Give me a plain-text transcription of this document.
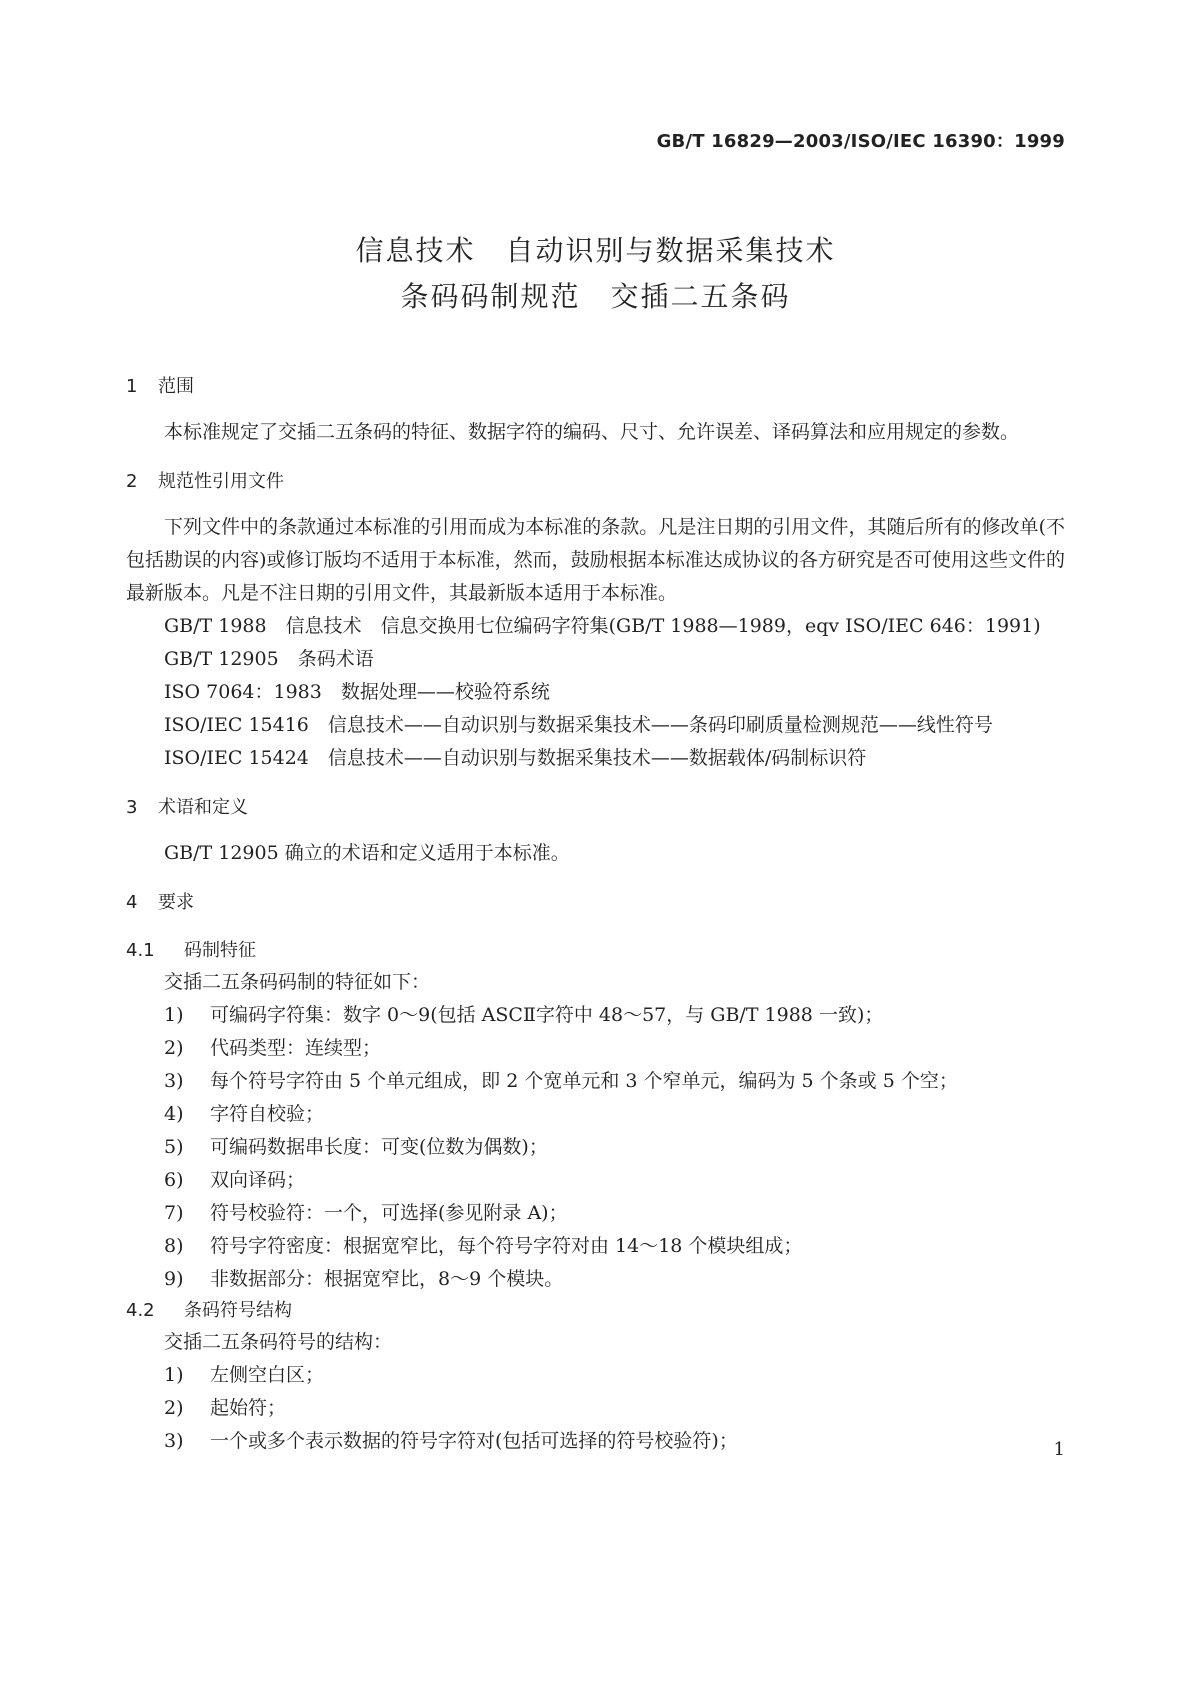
GB/T 16829—2003/ISO/IEC 16390：1999
信息技术　自动识别与数据采集技术
条码码制规范　交插二五条码
1 范围

本标准规定了交插二五条码的特征、数据字符的编码、尺寸、允许误差、译码算法和应用规定的参数。

2 规范性引用文件

下列文件中的条款通过本标准的引用而成为本标准的条款。凡是注日期的引用文件，其随后所有的修改单(不包括勘误的内容)或修订版均不适用于本标准，然而，鼓励根据本标准达成协议的各方研究是否可使用这些文件的最新版本。凡是不注日期的引用文件，其最新版本适用于本标准。

GB/T 1988　信息技术　信息交换用七位编码字符集(GB/T 1988—1989，eqv ISO/IEC 646：1991)

GB/T 12905　条码术语

ISO 7064：1983　数据处理——校验符系统

ISO/IEC 15416　信息技术——自动识别与数据采集技术——条码印刷质量检测规范——线性符号

ISO/IEC 15424　信息技术——自动识别与数据采集技术——数据载体/码制标识符

3 术语和定义

GB/T 12905 确立的术语和定义适用于本标准。

4 要求
4.1 码制特征

交插二五条码码制的特征如下：

1) 可编码字符集：数字 0～9(包括 ASCⅡ字符中 48～57，与 GB/T 1988 一致)；

2) 代码类型：连续型；

3) 每个符号字符由 5 个单元组成，即 2 个宽单元和 3 个窄单元，编码为 5 个条或 5 个空；

4) 字符自校验；

5) 可编码数据串长度：可变(位数为偶数)；

6) 双向译码；

7) 符号校验符：一个，可选择(参见附录 A)；

8) 符号字符密度：根据宽窄比，每个符号字符对由 14～18 个模块组成；

9) 非数据部分：根据宽窄比，8～9 个模块。

4.2 条码符号结构

交插二五条码符号的结构：

1) 左侧空白区；

2) 起始符；

3) 一个或多个表示数据的符号字符对(包括可选择的符号校验符)；	1
